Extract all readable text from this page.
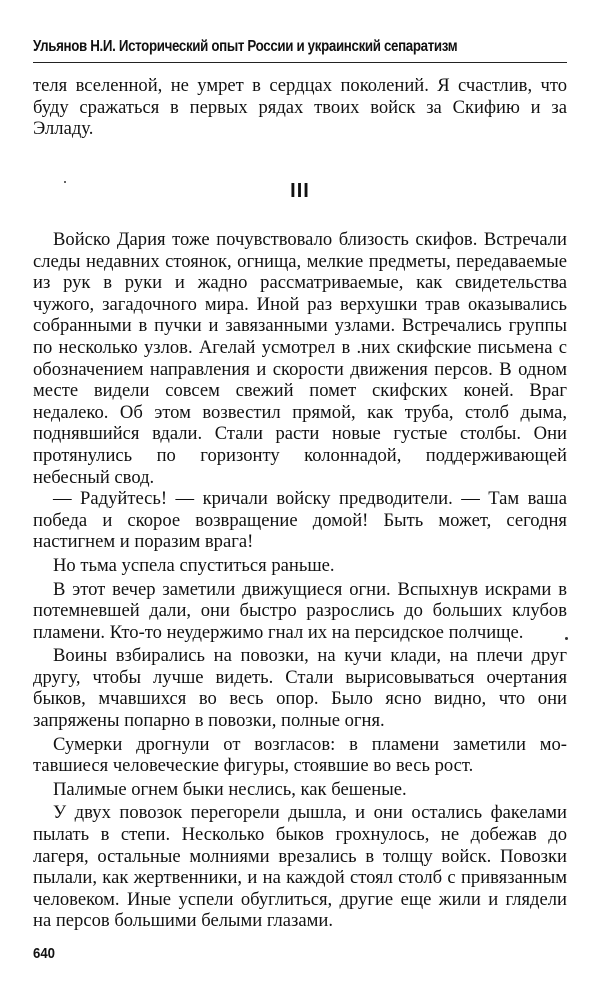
Ульянов Н.И. Исторический опыт России и украинский сепаратизм

теля вселенной, не умрет в сердцах поколений. Я счастлив, что буду сражаться в первых рядах твоих войск за Скифию и за Элладу.

III

Войско Дария тоже почувствовало близость скифов. Встречали следы недавних стоянок, огнища, мелкие предметы, передаваемые из рук в руки и жадно рассматриваемые, как свидетельства чужого, загадочного мира. Иной раз верхушки трав оказывались собранными в пучки и завязанными узлами. Встречались группы по несколько узлов. Агелай усмотрел в .них скифские письмена с обозначением направления и скорости движения персов. В одном месте видели совсем свежий помет скифских коней. Враг недалеко. Об этом возвестил прямой, как труба, столб дыма, поднявшийся вдали. Стали расти новые густые столбы. Они протянулись по горизонту колоннадой, поддерживающей небесный свод.

— Радуйтесь! — кричали войску предводители. — Там ваша победа и скорое возвращение домой! Быть может, сегодня настигнем и поразим врага!

Но тьма успела спуститься раньше.

В этот вечер заметили движущиеся огни. Вспыхнув искрами в потемневшей дали, они быстро разрослись до больших клубов пламени. Кто-то неудержимо гнал их на персидское полчище.

Воины взбирались на повозки, на кучи клади, на плечи друг другу, чтобы лучше видеть. Стали вырисовываться очертания быков, мчавшихся во весь опор. Было ясно видно, что они запряжены попарно в повозки, полные огня.

Сумерки дрогнули от возгласов: в пламени заметили мотавшиеся человеческие фигуры, стоявшие во весь рост.

Палимые огнем быки неслись, как бешеные.

У двух повозок перегорели дышла, и они остались факелами пылать в степи. Несколько быков грохнулось, не добежав до лагеря, остальные молниями врезались в толщу войск. Повозки пылали, как жертвенники, и на каждой стоял столб с привязанным человеком. Иные успели обуглиться, другие еще жили и глядели на персов большими белыми глазами.

640
